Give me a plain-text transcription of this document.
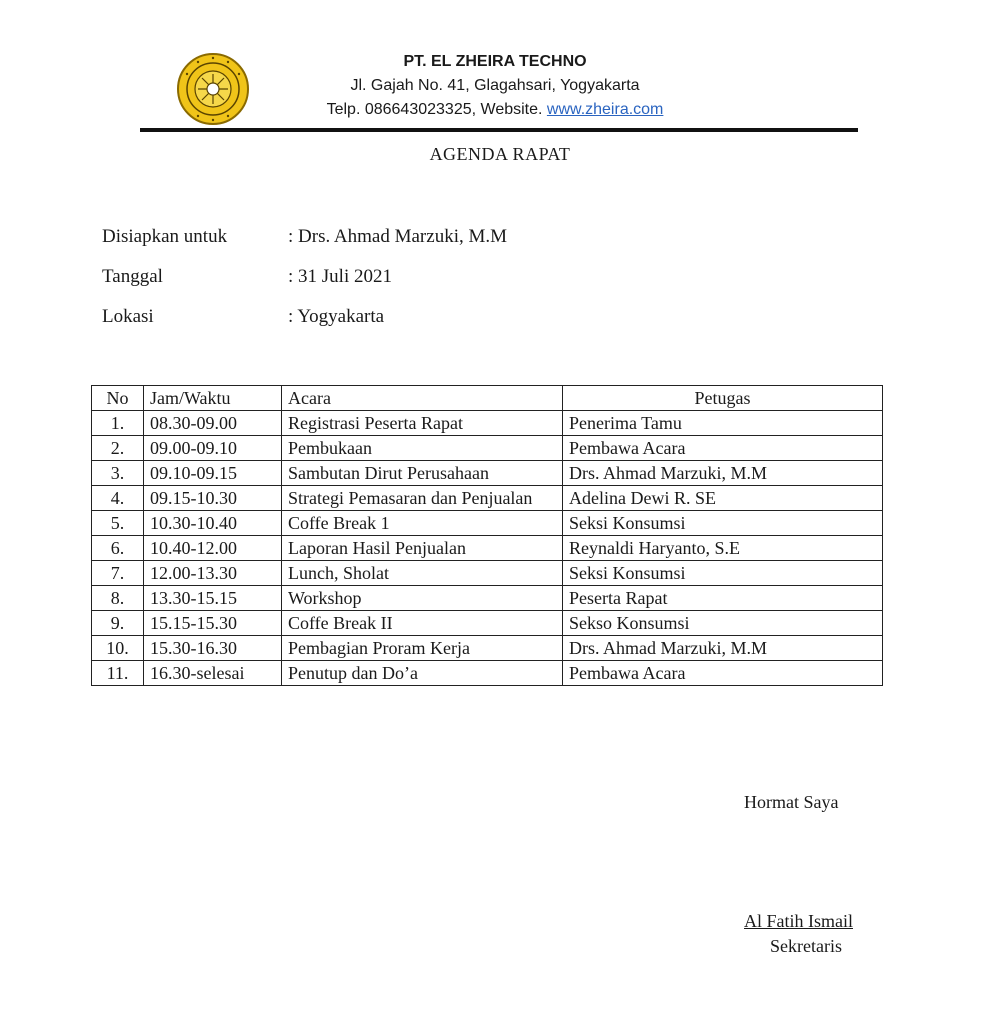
PT. EL ZHEIRA TECHNO
Jl. Gajah No. 41, Glagahsari, Yogyakarta
Telp. 086643023325, Website. www.zheira.com
AGENDA RAPAT
Disiapkan untuk	: Drs. Ahmad Marzuki, M.M
Tanggal	: 31 Juli 2021
Lokasi	: Yogyakarta
No	Jam/Waktu	Acara	Petugas
1.	08.30-09.00	Registrasi Peserta Rapat	Penerima Tamu
2.	09.00-09.10	Pembukaan	Pembawa Acara
3.	09.10-09.15	Sambutan Dirut Perusahaan	Drs. Ahmad Marzuki, M.M
4.	09.15-10.30	Strategi Pemasaran dan Penjualan	Adelina Dewi R. SE
5.	10.30-10.40	Coffe Break 1	Seksi Konsumsi
6.	10.40-12.00	Laporan Hasil Penjualan	Reynaldi Haryanto, S.E
7.	12.00-13.30	Lunch, Sholat	Seksi Konsumsi
8.	13.30-15.15	Workshop	Peserta Rapat
9.	15.15-15.30	Coffe Break II	Sekso Konsumsi
10.	15.30-16.30	Pembagian Proram Kerja	Drs. Ahmad Marzuki, M.M
11.	16.30-selesai	Penutup dan Do’a	Pembawa Acara
Hormat Saya
Al Fatih Ismail
Sekretaris
